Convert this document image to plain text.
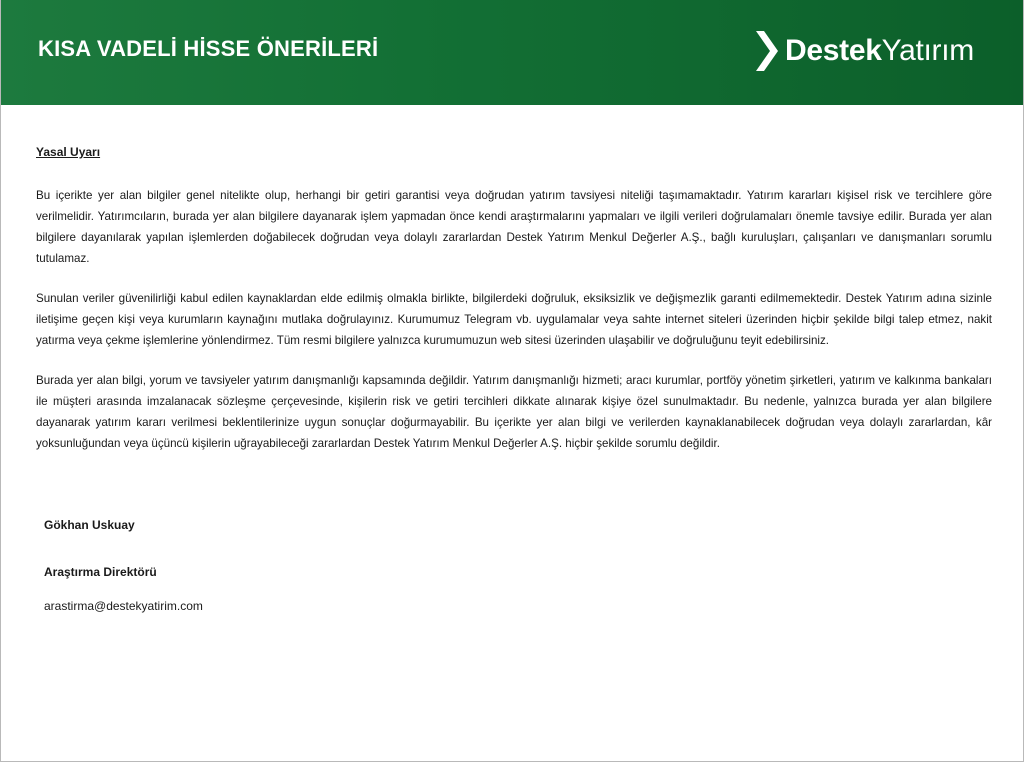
KISA VADELİ HİSSE ÖNERİLERİ	Destek Yatırım
Yasal Uyarı

Bu içerikte yer alan bilgiler genel nitelikte olup, herhangi bir getiri garantisi veya doğrudan yatırım tavsiyesi niteliği taşımamaktadır. Yatırım kararları kişisel risk ve tercihlere göre verilmelidir. Yatırımcıların, burada yer alan bilgilere dayanarak işlem yapmadan önce kendi araştırmalarını yapmaları ve ilgili verileri doğrulamaları önemle tavsiye edilir. Burada yer alan bilgilere dayanılarak yapılan işlemlerden doğabilecek doğrudan veya dolaylı zararlardan Destek Yatırım Menkul Değerler A.Ş., bağlı kuruluşları, çalışanları ve danışmanları sorumlu tutulamaz.

Sunulan veriler güvenilirliği kabul edilen kaynaklardan elde edilmiş olmakla birlikte, bilgilerdeki doğruluk, eksiksizlik ve değişmezlik garanti edilmemektedir. Destek Yatırım adına sizinle iletişime geçen kişi veya kurumların kaynağını mutlaka doğrulayınız. Kurumumuz Telegram vb. uygulamalar veya sahte internet siteleri üzerinden hiçbir şekilde bilgi talep etmez, nakit yatırma veya çekme işlemlerine yönlendirmez. Tüm resmi bilgilere yalnızca kurumumuzun web sitesi üzerinden ulaşabilir ve doğruluğunu teyit edebilirsiniz.

Burada yer alan bilgi, yorum ve tavsiyeler yatırım danışmanlığı kapsamında değildir. Yatırım danışmanlığı hizmeti; aracı kurumlar, portföy yönetim şirketleri, yatırım ve kalkınma bankaları ile müşteri arasında imzalanacak sözleşme çerçevesinde, kişilerin risk ve getiri tercihleri dikkate alınarak kişiye özel sunulmaktadır. Bu nedenle, yalnızca burada yer alan bilgilere dayanarak yatırım kararı verilmesi beklentilerinize uygun sonuçlar doğurmayabilir. Bu içerikte yer alan bilgi ve verilerden kaynaklanabilecek doğrudan veya dolaylı zararlardan, kâr yoksunluğundan veya üçüncü kişilerin uğrayabileceği zararlardan Destek Yatırım Menkul Değerler A.Ş. hiçbir şekilde sorumlu değildir.

Gökhan Uskuay
Araştırma Direktörü
arastirma@destekyatirim.com
